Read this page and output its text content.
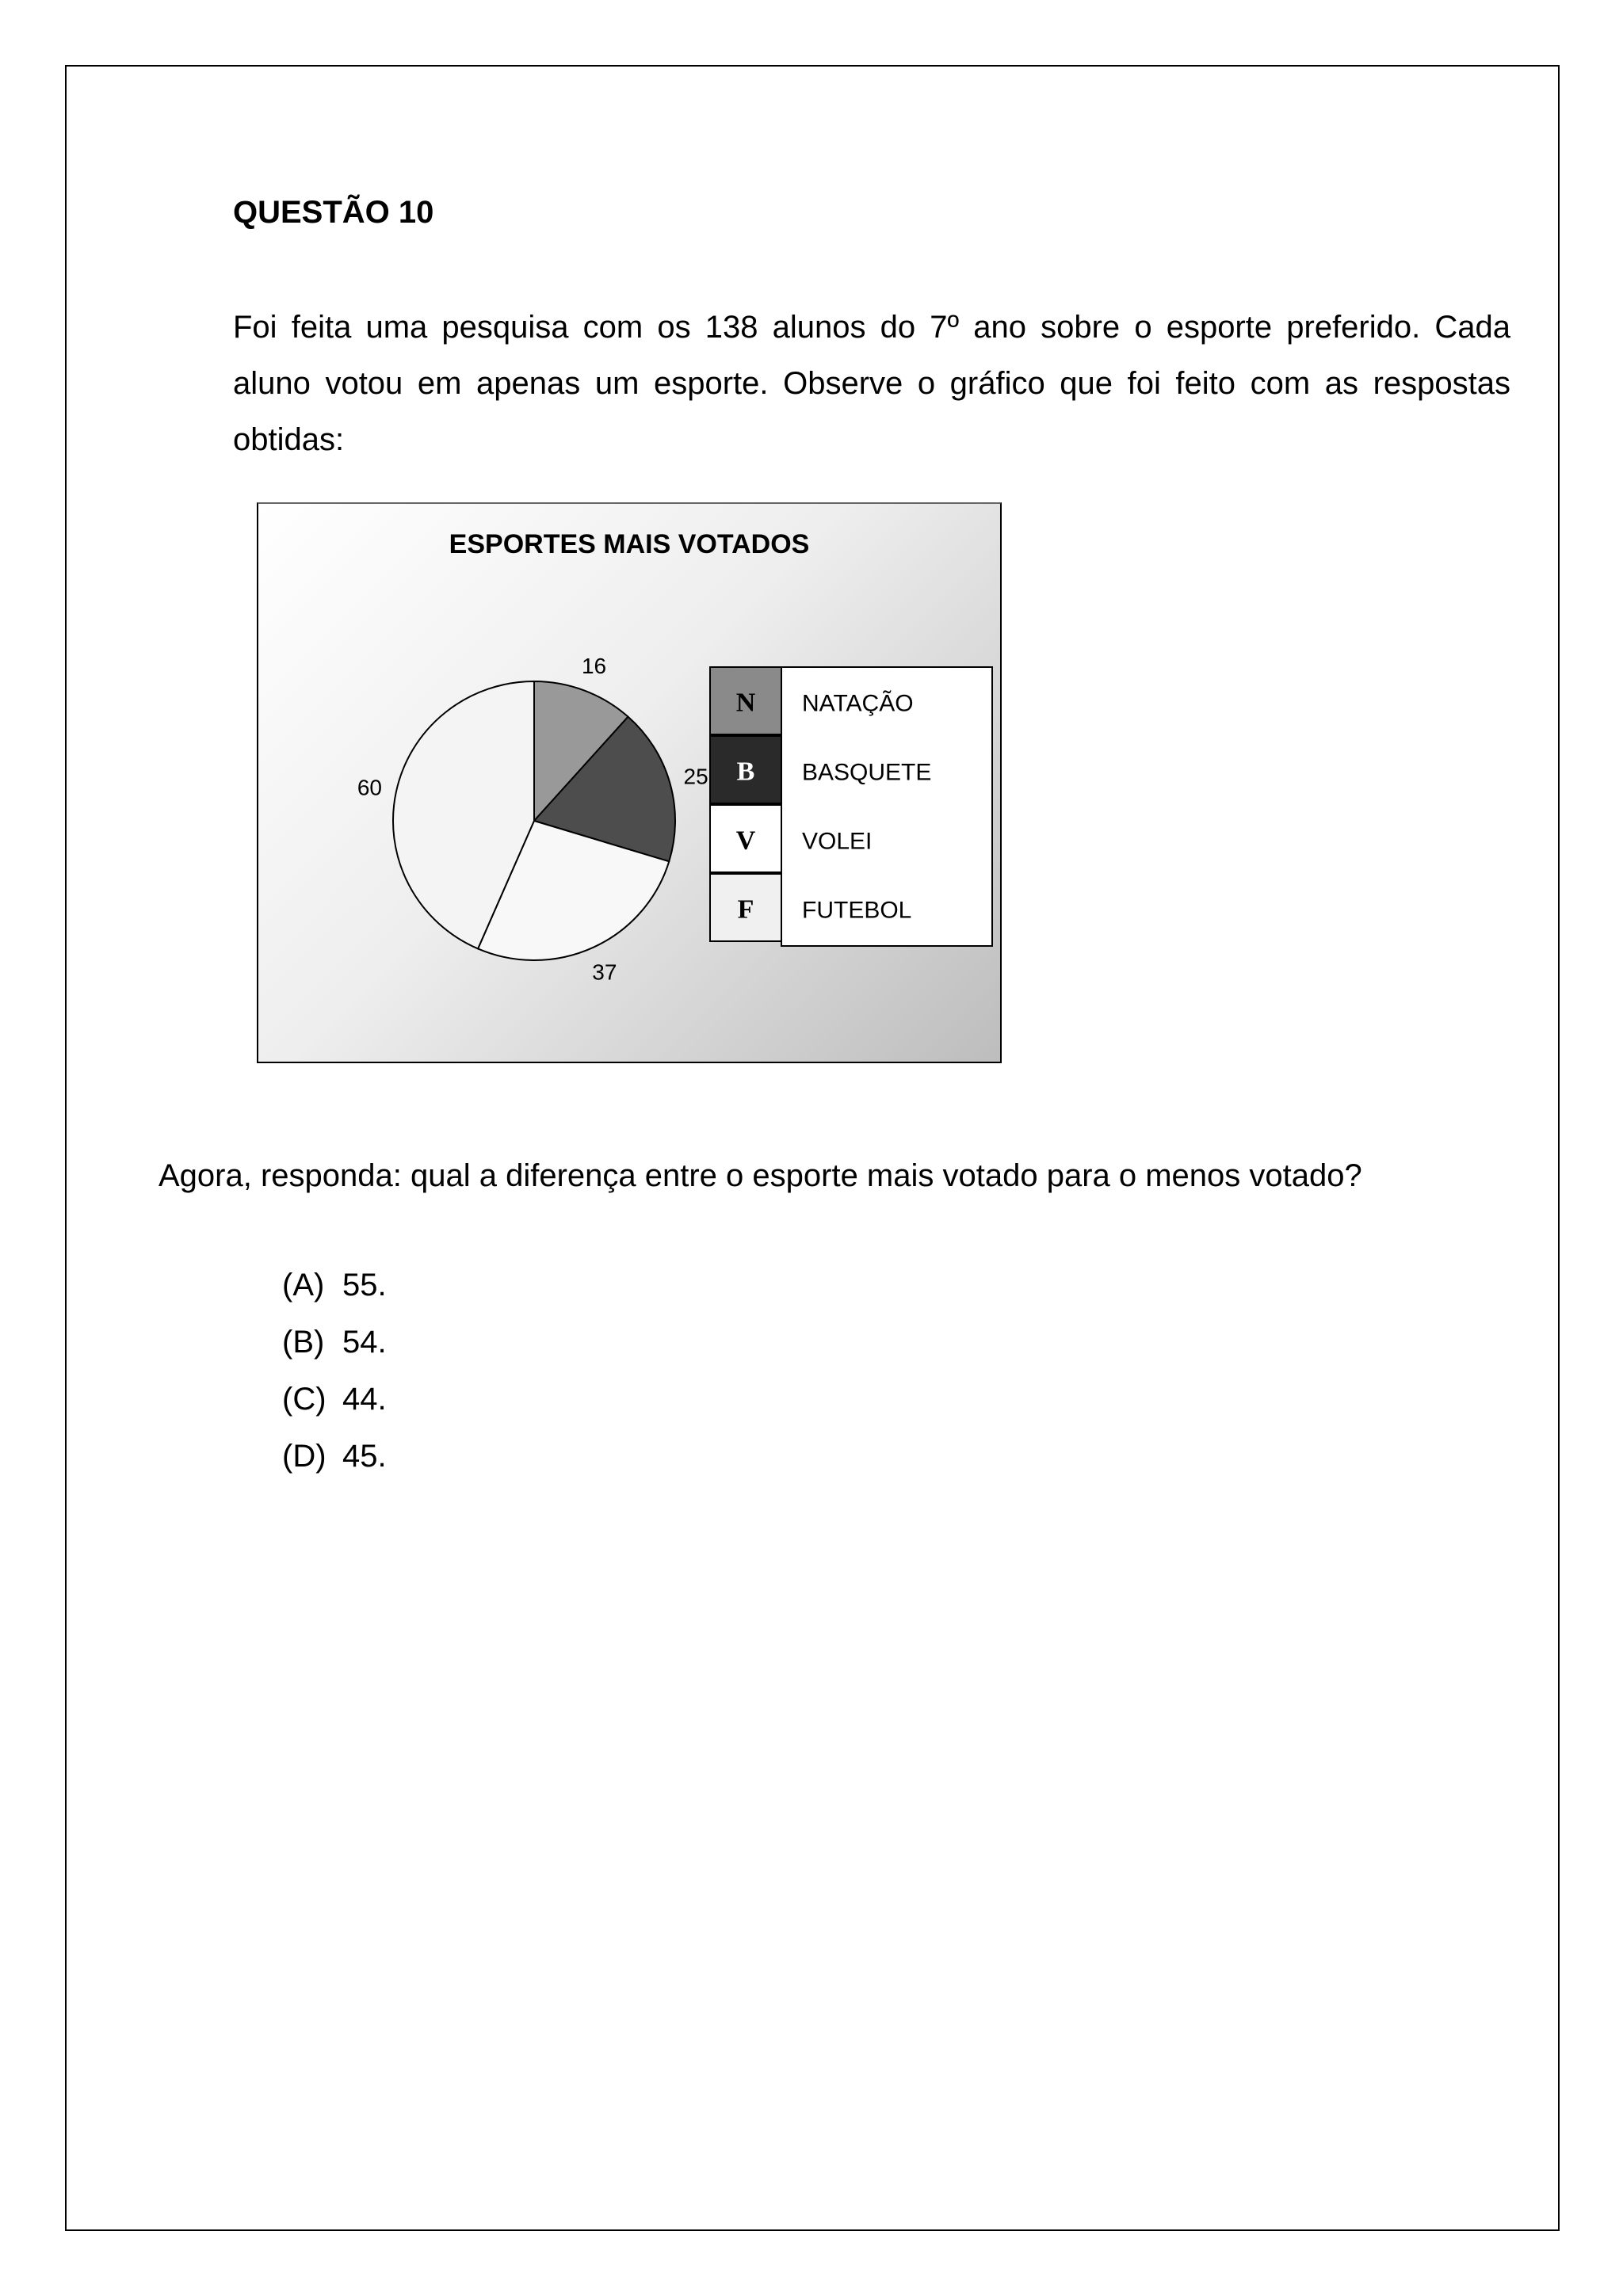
QUESTÃO 10
Foi feita uma pesquisa com os 138 alunos do 7º ano sobre o esporte preferido. Cada aluno votou em apenas um esporte. Observe o gráfico que foi feito com as respostas obtidas:
ESPORTES MAIS VOTADOS
16
25
37
60
N NATAÇÃO
B BASQUETE
V VOLEI
F FUTEBOL
Agora, responda: qual a diferença entre o esporte mais votado para o menos votado?
(A) 55.
(B) 54.
(C) 44.
(D) 45.
